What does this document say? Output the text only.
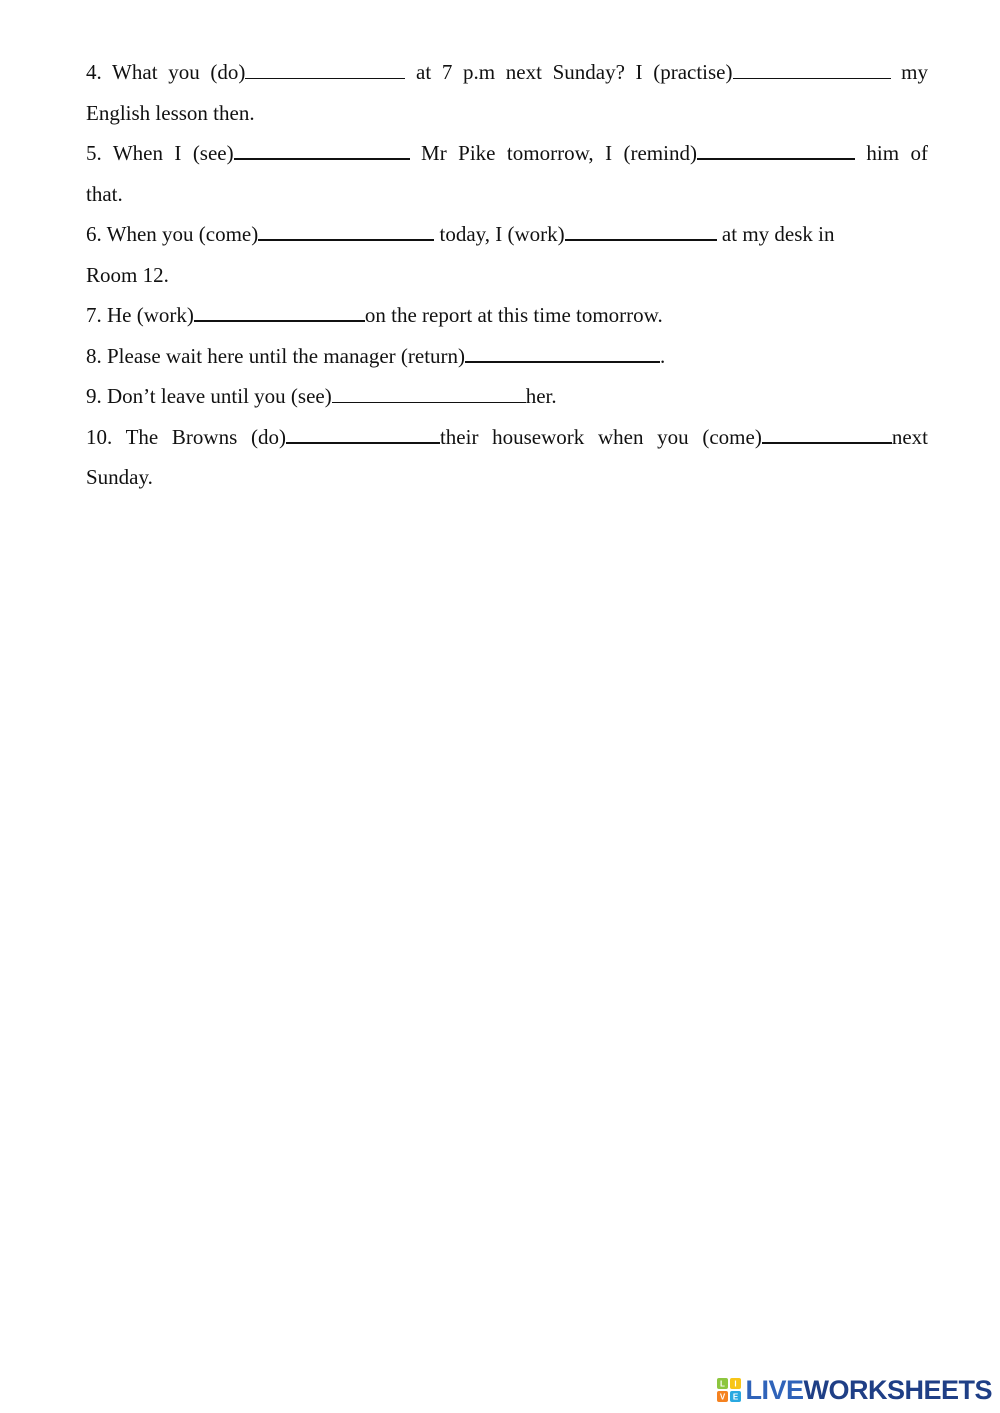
4. What you (do)	at 7 p.m next Sunday? I (practise)	my
English lesson then.
5. When I (see)	Mr Pike tomorrow, I (remind)	him of
that.
6. When you (come)	today, I (work)	at my desk in
Room 12.
7. He (work)	on the report at this time tomorrow.
8. Please wait here until the manager (return)	.
9. Don’t leave until you (see)	her.
10. The Browns (do)	their housework when you (come)	next
Sunday.
L I
V E LIVEWORKSHEETS
